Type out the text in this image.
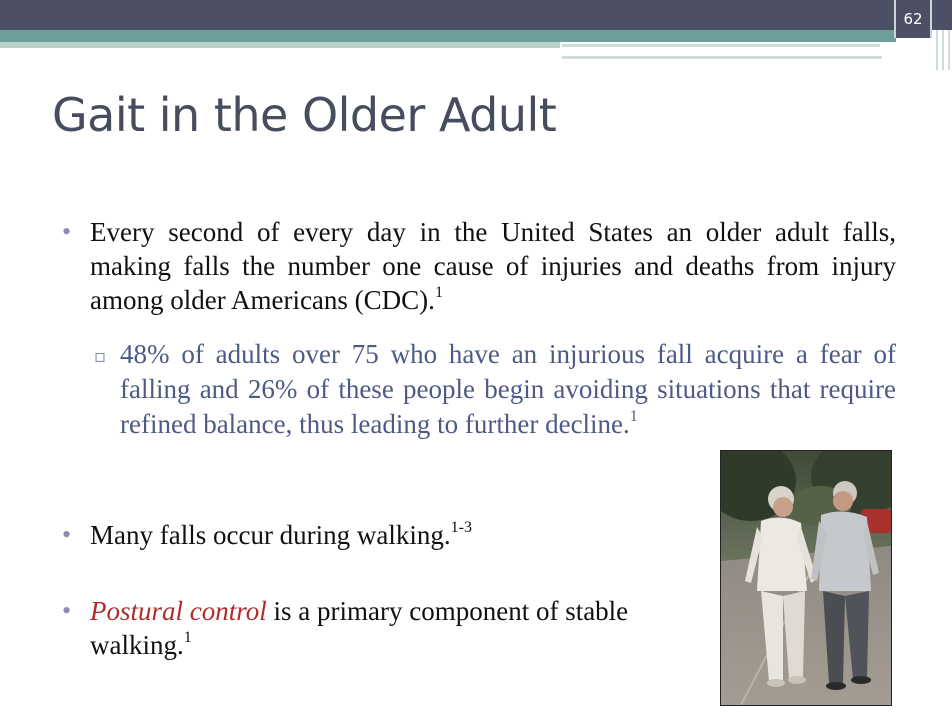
62
Gait in the Older Adult
• Every second of every day in the United States an older adult falls, making falls the number one cause of injuries and deaths from injury among older Americans (CDC).$^1$
▫ 48% of adults over 75 who have an injurious fall acquire a fear of falling and 26% of these people begin avoiding situations that require refined balance, thus leading to further decline.$^1$
• Many falls occur during walking.$^{1-3}$
• Postural control is a primary component of stable walking.$^1$
